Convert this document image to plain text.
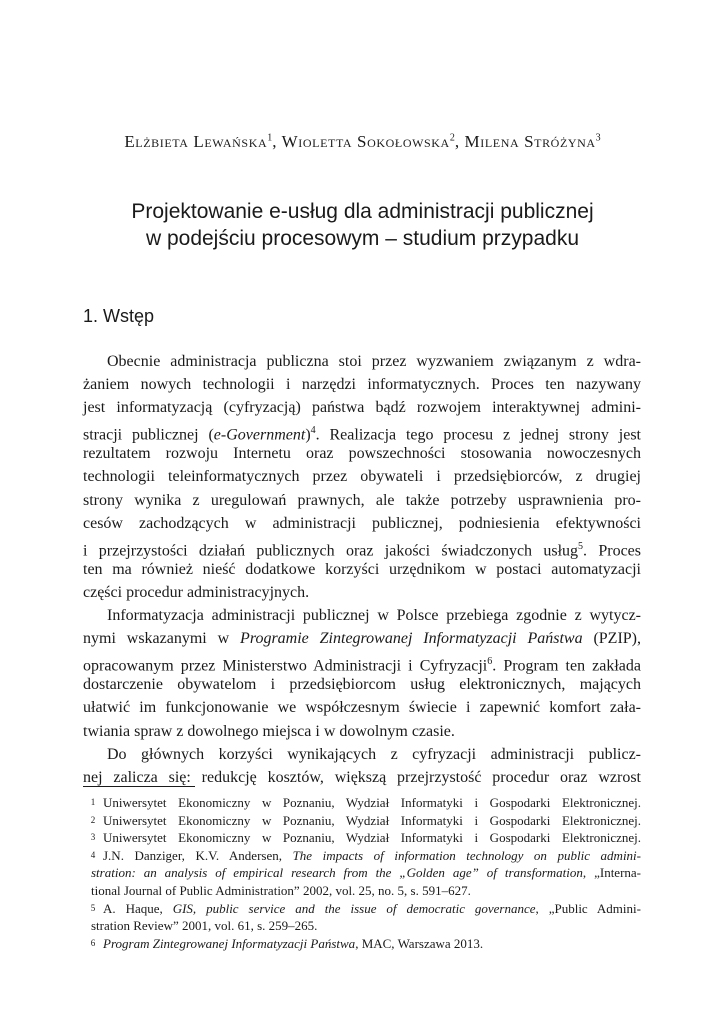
Elżbieta Lewańska$^1$, Wioletta Sokołowska$^2$, Milena Stróżyna$^3$
Projektowanie e-usług dla administracji publicznej
w podejściu procesowym – studium przypadku
1. Wstęp
Obecnie administracja publiczna stoi przez wyzwaniem związanym z wdra-
żaniem nowych technologii i narzędzi informatycznych. Proces ten nazywany
jest informatyzacją (cyfryzacją) państwa bądź rozwojem interaktywnej admini-
stracji publicznej (e-Government)$^4$. Realizacja tego procesu z jednej strony jest
rezultatem rozwoju Internetu oraz powszechności stosowania nowoczesnych
technologii teleinformatycznych przez obywateli i przedsiębiorców, z drugiej
strony wynika z uregulowań prawnych, ale także potrzeby usprawnienia pro-
cesów zachodzących w administracji publicznej, podniesienia efektywności
i przejrzystości działań publicznych oraz jakości świadczonych usług$^5$. Proces
ten ma również nieść dodatkowe korzyści urzędnikom w postaci automatyzacji
części procedur administracyjnych.
Informatyzacja administracji publicznej w Polsce przebiega zgodnie z wytycz-
nymi wskazanymi w Programie Zintegrowanej Informatyzacji Państwa (PZIP),
opracowanym przez Ministerstwo Administracji i Cyfryzacji$^6$. Program ten zakłada
dostarczenie obywatelom i przedsiębiorcom usług elektronicznych, mających
ułatwić im funkcjonowanie we współczesnym świecie i zapewnić komfort zała-
twiania spraw z dowolnego miejsca i w dowolnym czasie.
Do głównych korzyści wynikających z cyfryzacji administracji publicz-
nej zalicza się: redukcję kosztów, większą przejrzystość procedur oraz wzrost
1 Uniwersytet Ekonomiczny w Poznaniu, Wydział Informatyki i Gospodarki Elektronicznej.
2 Uniwersytet Ekonomiczny w Poznaniu, Wydział Informatyki i Gospodarki Elektronicznej.
3 Uniwersytet Ekonomiczny w Poznaniu, Wydział Informatyki i Gospodarki Elektronicznej.
4 J.N. Danziger, K.V. Andersen, The impacts of information technology on public admini-
stration: an analysis of empirical research from the „Golden age” of transformation, „Interna-
tional Journal of Public Administration” 2002, vol. 25, no. 5, s. 591–627.
5 A. Haque, GIS, public service and the issue of democratic governance, „Public Admini-
stration Review” 2001, vol. 61, s. 259–265.
6 Program Zintegrowanej Informatyzacji Państwa, MAC, Warszawa 2013.
